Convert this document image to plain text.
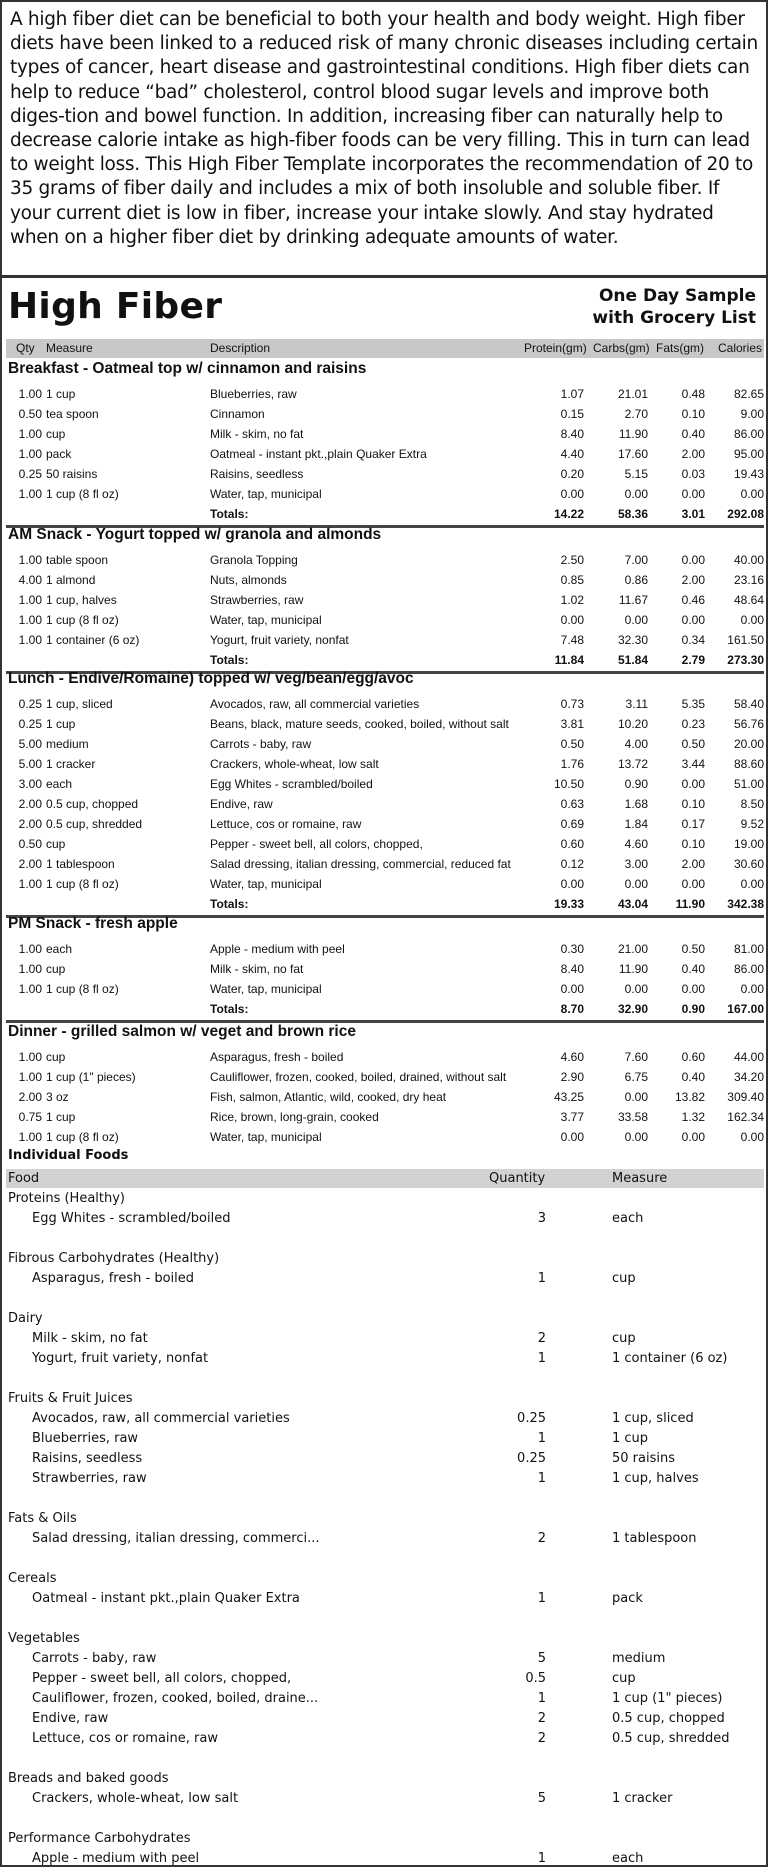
A high fiber diet can be beneficial to both your health and body weight. High fiber diets have been linked to a reduced risk of many chronic diseases including certain types of cancer, heart disease and gastrointestinal conditions. High fiber diets can help to reduce “bad” cholesterol, control blood sugar levels and improve both diges-tion and bowel function. In addition, increasing fiber can naturally help to decrease calorie intake as high-fiber foods can be very filling. This in turn can lead to weight loss. This High Fiber Template incorporates the recommendation of 20 to 35 grams of fiber daily and includes a mix of both insoluble and soluble fiber. If your current diet is low in fiber, increase your intake slowly. And stay hydrated when on a higher fiber diet by drinking adequate amounts of water.
High Fiber	One Day Sample
with Grocery List
Qty Measure	Description	Protein(gm) Carbs(gm) Fats(gm) Calories
Breakfast - Oatmeal top w/ cinnamon and raisins
1.00 1 cup	Blueberries, raw	1.07	21.01	0.48	82.65
0.50 tea spoon	Cinnamon	0.15	2.70	0.10	9.00
1.00 cup	Milk - skim, no fat	8.40	11.90	0.40	86.00
1.00 pack	Oatmeal - instant pkt.,plain Quaker Extra	4.40	17.60	2.00	95.00
0.25 50 raisins	Raisins, seedless	0.20	5.15	0.03	19.43
1.00 1 cup (8 fl oz)	Water, tap, municipal	0.00	0.00	0.00	0.00
Totals:	14.22	58.36	3.01	292.08
AM Snack - Yogurt topped w/ granola and almonds
1.00 table spoon	Granola Topping	2.50	7.00	0.00	40.00
4.00 1 almond	Nuts, almonds	0.85	0.86	2.00	23.16
1.00 1 cup, halves	Strawberries, raw	1.02	11.67	0.46	48.64
1.00 1 cup (8 fl oz)	Water, tap, municipal	0.00	0.00	0.00	0.00
1.00 1 container (6 oz)	Yogurt, fruit variety, nonfat	7.48	32.30	0.34	161.50
Totals:	11.84	51.84	2.79	273.30
Lunch - Endive/Romaine) topped w/ veg/bean/egg/avoc
0.25 1 cup, sliced	Avocados, raw, all commercial varieties	0.73	3.11	5.35	58.40
0.25 1 cup	Beans, black, mature seeds, cooked, boiled, without salt	3.81	10.20	0.23	56.76
5.00 medium	Carrots - baby, raw	0.50	4.00	0.50	20.00
5.00 1 cracker	Crackers, whole-wheat, low salt	1.76	13.72	3.44	88.60
3.00 each	Egg Whites - scrambled/boiled	10.50	0.90	0.00	51.00
2.00 0.5 cup, chopped	Endive, raw	0.63	1.68	0.10	8.50
2.00 0.5 cup, shredded	Lettuce, cos or romaine, raw	0.69	1.84	0.17	9.52
0.50 cup	Pepper - sweet bell, all colors, chopped,	0.60	4.60	0.10	19.00
2.00 1 tablespoon	Salad dressing, italian dressing, commercial, reduced fat	0.12	3.00	2.00	30.60
1.00 1 cup (8 fl oz)	Water, tap, municipal	0.00	0.00	0.00	0.00
Totals:	19.33	43.04	11.90	342.38
PM Snack - fresh apple
1.00 each	Apple - medium with peel	0.30	21.00	0.50	81.00
1.00 cup	Milk - skim, no fat	8.40	11.90	0.40	86.00
1.00 1 cup (8 fl oz)	Water, tap, municipal	0.00	0.00	0.00	0.00
Totals:	8.70	32.90	0.90	167.00
Dinner - grilled salmon w/ veget and brown rice
1.00 cup	Asparagus, fresh - boiled	4.60	7.60	0.60	44.00
1.00 1 cup (1" pieces)	Cauliflower, frozen, cooked, boiled, drained, without salt	2.90	6.75	0.40	34.20
2.00 3 oz	Fish, salmon, Atlantic, wild, cooked, dry heat	43.25	0.00	13.82	309.40
0.75 1 cup	Rice, brown, long-grain, cooked	3.77	33.58	1.32	162.34
1.00 1 cup (8 fl oz)	Water, tap, municipal	0.00	0.00	0.00	0.00
Individual Foods
Food	Quantity	Measure
Proteins (Healthy)
Egg Whites - scrambled/boiled	3	each
Fibrous Carbohydrates (Healthy)
Asparagus, fresh - boiled	1	cup
Dairy
Milk - skim, no fat	2	cup
Yogurt, fruit variety, nonfat	1	1 container (6 oz)
Fruits & Fruit Juices
Avocados, raw, all commercial varieties	0.25	1 cup, sliced
Blueberries, raw	1	1 cup
Raisins, seedless	0.25	50 raisins
Strawberries, raw	1	1 cup, halves
Fats & Oils
Salad dressing, italian dressing, commerci...	2	1 tablespoon
Cereals
Oatmeal - instant pkt.,plain Quaker Extra	1	pack
Vegetables
Carrots - baby, raw	5	medium
Pepper - sweet bell, all colors, chopped,	0.5	cup
Cauliflower, frozen, cooked, boiled, draine...	1	1 cup (1" pieces)
Endive, raw	2	0.5 cup, chopped
Lettuce, cos or romaine, raw	2	0.5 cup, shredded
Breads and baked goods
Crackers, whole-wheat, low salt	5	1 cracker
Performance Carbohydrates
Apple - medium with peel	1	each
